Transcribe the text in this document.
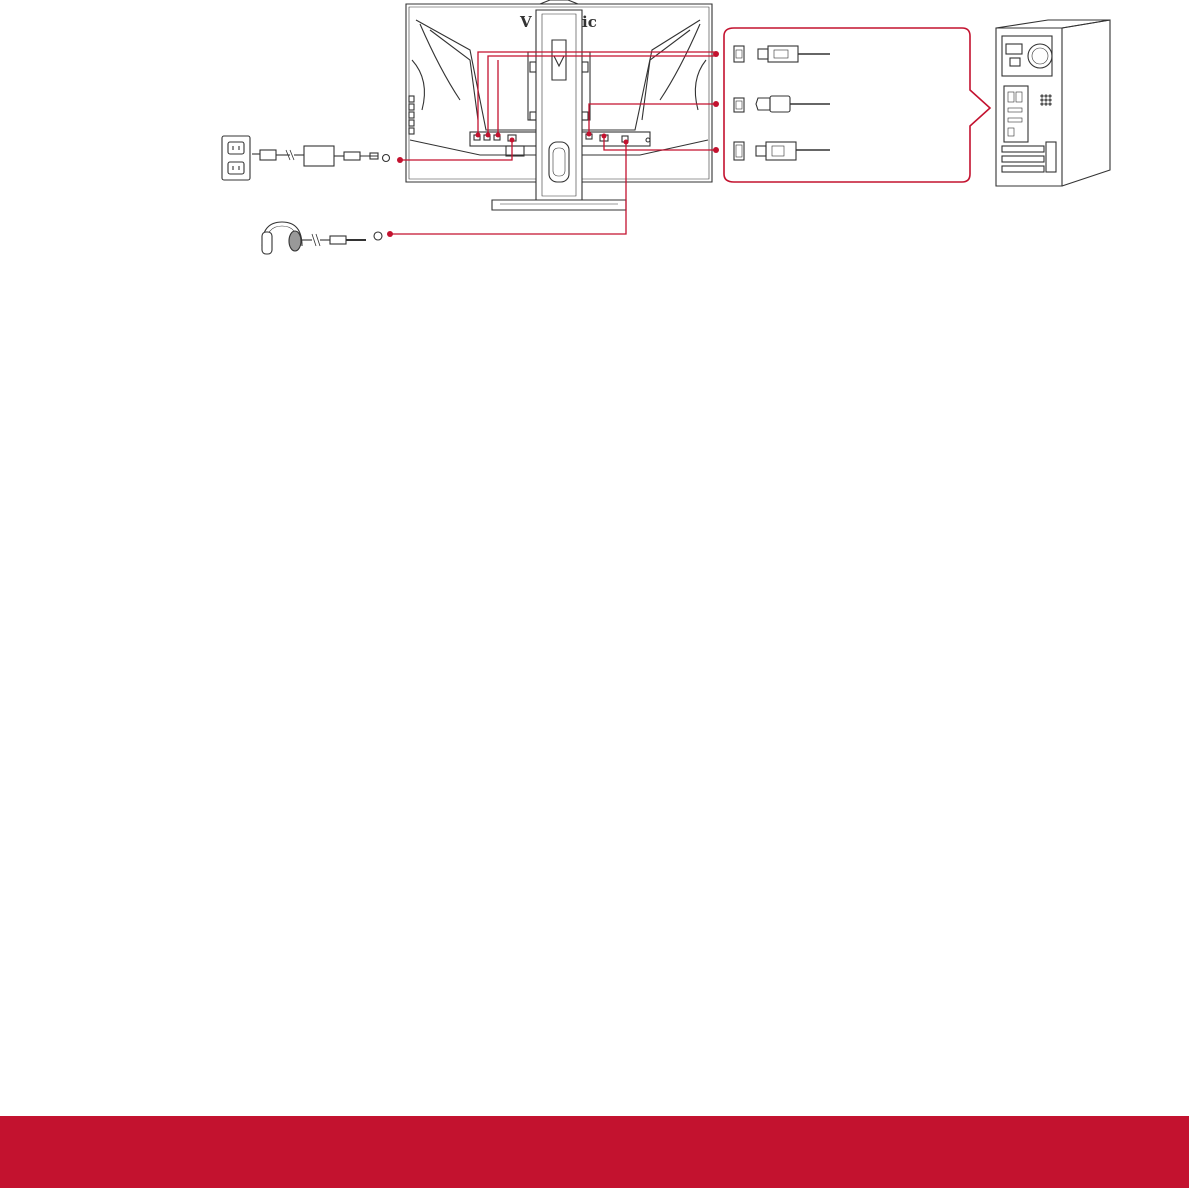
V	ic
